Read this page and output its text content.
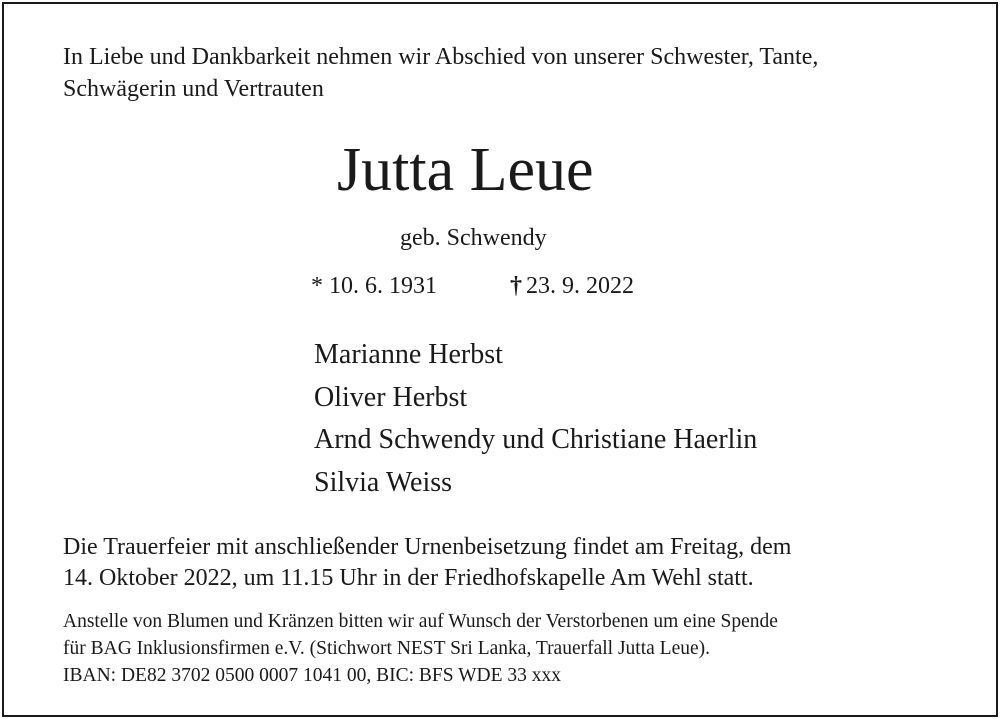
In Liebe und Dankbarkeit nehmen wir Abschied von unserer Schwester, Tante,
Schwägerin und Vertrauten
Jutta Leue
geb. Schwendy
* 10. 6. 1931	† 23. 9. 2022
Marianne Herbst
Oliver Herbst
Arnd Schwendy und Christiane Haerlin
Silvia Weiss
Die Trauerfeier mit anschließender Urnenbeisetzung findet am Freitag, dem
14. Oktober 2022, um 11.15 Uhr in der Friedhofskapelle Am Wehl statt.
Anstelle von Blumen und Kränzen bitten wir auf Wunsch der Verstorbenen um eine Spende
für BAG Inklusionsfirmen e.V. (Stichwort NEST Sri Lanka, Trauerfall Jutta Leue).
IBAN: DE82 3702 0500 0007 1041 00, BIC: BFS WDE 33 xxx
